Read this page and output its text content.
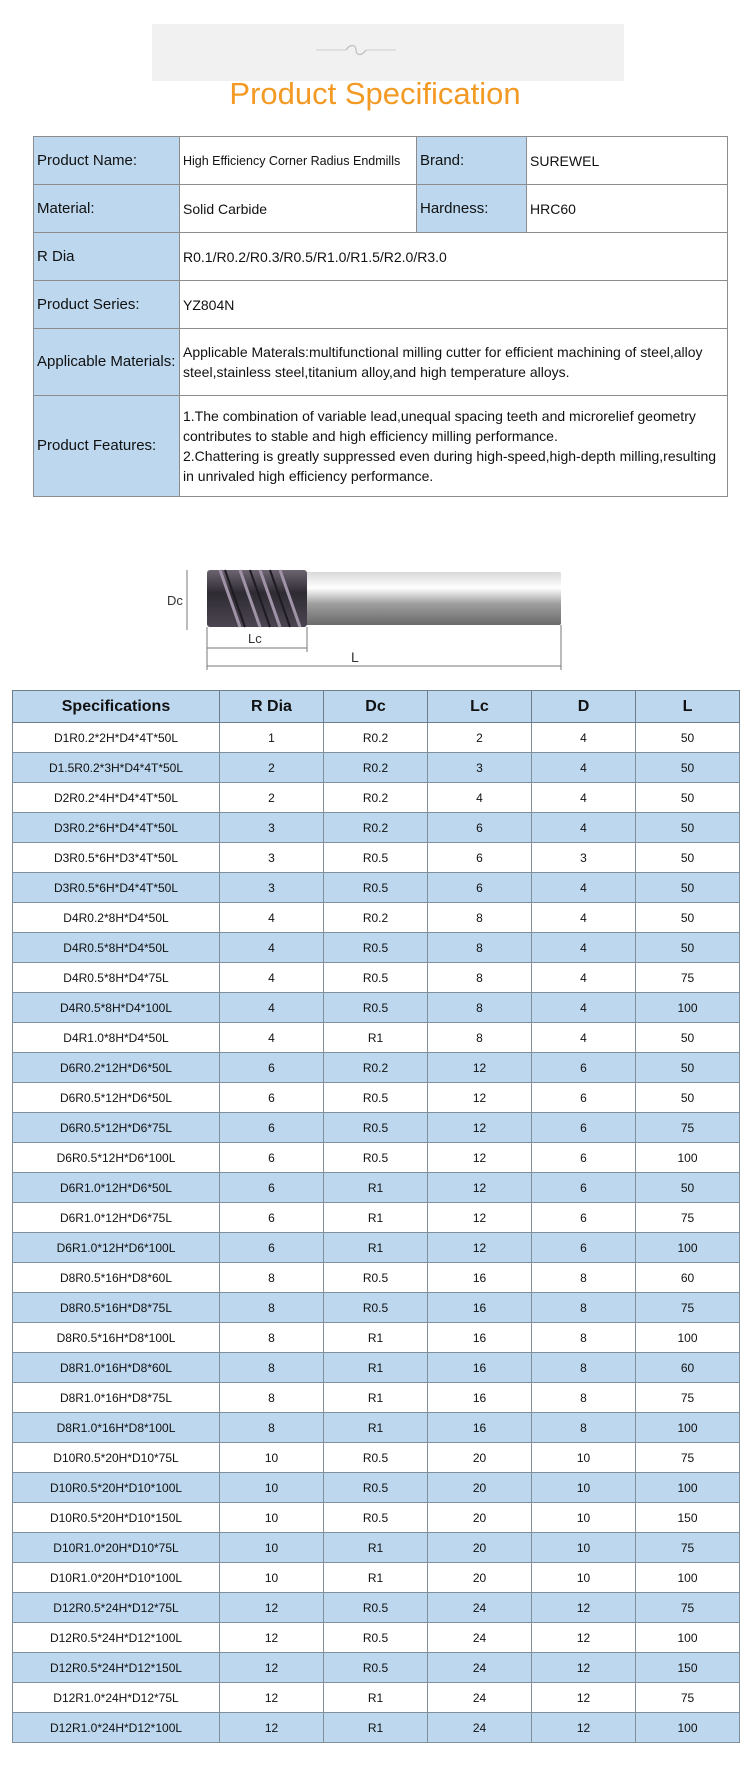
Product Specification
Product Name:	High Efficiency Corner Radius Endmills	Brand:	SUREWEL
Material:	Solid Carbide	Hardness:	HRC60
R Dia	R0.1/R0.2/R0.3/R0.5/R1.0/R1.5/R2.0/R3.0		
Product Series:	YZ804N		
Applicable Materials:	Applicable Materals:multifunctional milling cutter for efficient machining of steel,alloy steel,stainless steel,titanium alloy,and high temperature alloys.		
Product Features:	1.The combination of variable lead,unequal spacing teeth and microrelief geometry contributes to stable and high efficiency milling performance.
2.Chattering is greatly suppressed even during high-speed,high-depth milling,resulting in unrivaled high efficiency performance.		
Dc
Lc
L
Specifications	R Dia	Dc	Lc	D	L
D1R0.2*2H*D4*4T*50L	1	R0.2	2	4	50
D1.5R0.2*3H*D4*4T*50L	2	R0.2	3	4	50
D2R0.2*4H*D4*4T*50L	2	R0.2	4	4	50
D3R0.2*6H*D4*4T*50L	3	R0.2	6	4	50
D3R0.5*6H*D3*4T*50L	3	R0.5	6	3	50
D3R0.5*6H*D4*4T*50L	3	R0.5	6	4	50
D4R0.2*8H*D4*50L	4	R0.2	8	4	50
D4R0.5*8H*D4*50L	4	R0.5	8	4	50
D4R0.5*8H*D4*75L	4	R0.5	8	4	75
D4R0.5*8H*D4*100L	4	R0.5	8	4	100
D4R1.0*8H*D4*50L	4	R1	8	4	50
D6R0.2*12H*D6*50L	6	R0.2	12	6	50
D6R0.5*12H*D6*50L	6	R0.5	12	6	50
D6R0.5*12H*D6*75L	6	R0.5	12	6	75
D6R0.5*12H*D6*100L	6	R0.5	12	6	100
D6R1.0*12H*D6*50L	6	R1	12	6	50
D6R1.0*12H*D6*75L	6	R1	12	6	75
D6R1.0*12H*D6*100L	6	R1	12	6	100
D8R0.5*16H*D8*60L	8	R0.5	16	8	60
D8R0.5*16H*D8*75L	8	R0.5	16	8	75
D8R0.5*16H*D8*100L	8	R1	16	8	100
D8R1.0*16H*D8*60L	8	R1	16	8	60
D8R1.0*16H*D8*75L	8	R1	16	8	75
D8R1.0*16H*D8*100L	8	R1	16	8	100
D10R0.5*20H*D10*75L	10	R0.5	20	10	75
D10R0.5*20H*D10*100L	10	R0.5	20	10	100
D10R0.5*20H*D10*150L	10	R0.5	20	10	150
D10R1.0*20H*D10*75L	10	R1	20	10	75
D10R1.0*20H*D10*100L	10	R1	20	10	100
D12R0.5*24H*D12*75L	12	R0.5	24	12	75
D12R0.5*24H*D12*100L	12	R0.5	24	12	100
D12R0.5*24H*D12*150L	12	R0.5	24	12	150
D12R1.0*24H*D12*75L	12	R1	24	12	75
D12R1.0*24H*D12*100L	12	R1	24	12	100
